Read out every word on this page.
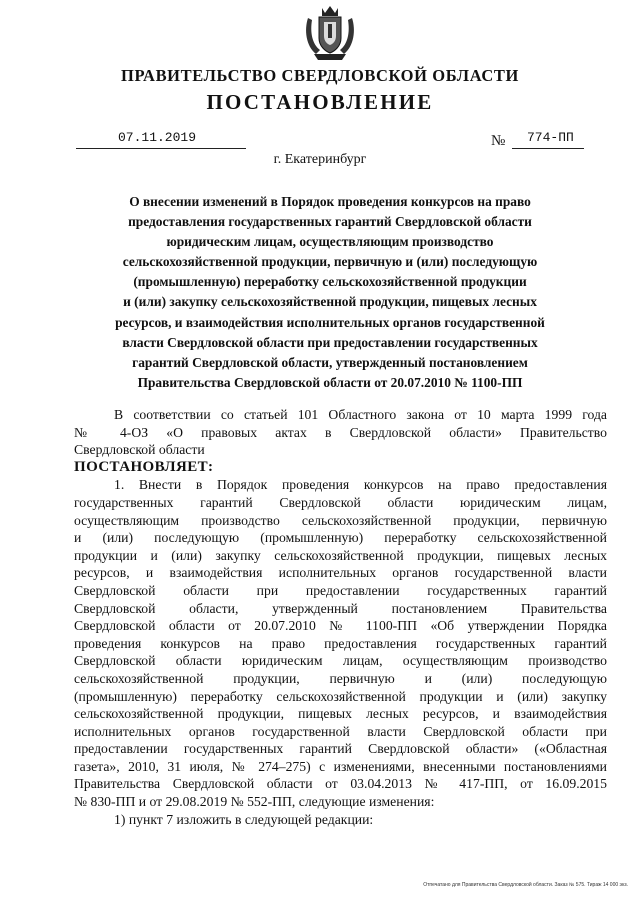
ПРАВИТЕЛЬСТВО СВЕРДЛОВСКОЙ ОБЛАСТИ
ПОСТАНОВЛЕНИЕ
07.11.2019	№ 774-ПП
г. Екатеринбург
О внесении изменений в Порядок проведения конкурсов на право
предоставления государственных гарантий Свердловской области
юридическим лицам, осуществляющим производство
сельскохозяйственной продукции, первичную и (или) последующую
(промышленную) переработку сельскохозяйственной продукции
и (или) закупку сельскохозяйственной продукции, пищевых лесных
ресурсов, и взаимодействия исполнительных органов государственной
власти Свердловской области при предоставлении государственных
гарантий Свердловской области, утвержденный постановлением
Правительства Свердловской области от 20.07.2010 № 1100-ПП
В соответствии со статьей 101 Областного закона от 10 марта 1999 года
№ 4-ОЗ «О правовых актах в Свердловской области» Правительство
Свердловской области
ПОСТАНОВЛЯЕТ:
1. Внести в Порядок проведения конкурсов на право предоставления
государственных гарантий Свердловской области юридическим лицам,
осуществляющим производство сельскохозяйственной продукции, первичную
и (или) последующую (промышленную) переработку сельскохозяйственной
продукции и (или) закупку сельскохозяйственной продукции, пищевых лесных
ресурсов, и взаимодействия исполнительных органов государственной власти
Свердловской области при предоставлении государственных гарантий
Свердловской области, утвержденный постановлением Правительства
Свердловской области от 20.07.2010 № 1100-ПП «Об утверждении Порядка
проведения конкурсов на право предоставления государственных гарантий
Свердловской области юридическим лицам, осуществляющим производство
сельскохозяйственной продукции, первичную и (или) последующую
(промышленную) переработку сельскохозяйственной продукции и (или) закупку
сельскохозяйственной продукции, пищевых лесных ресурсов, и взаимодействия
исполнительных органов государственной власти Свердловской области при
предоставлении государственных гарантий Свердловской области» («Областная
газета», 2010, 31 июля, № 274–275) с изменениями, внесенными постановлениями
Правительства Свердловской области от 03.04.2013 № 417-ПП, от 16.09.2015
№ 830-ПП и от 29.08.2019 № 552-ПП, следующие изменения:
1) пункт 7 изложить в следующей редакции:
Отпечатано для Правительства Свердловской области. Заказ № 575. Тираж 14 000 экз.
